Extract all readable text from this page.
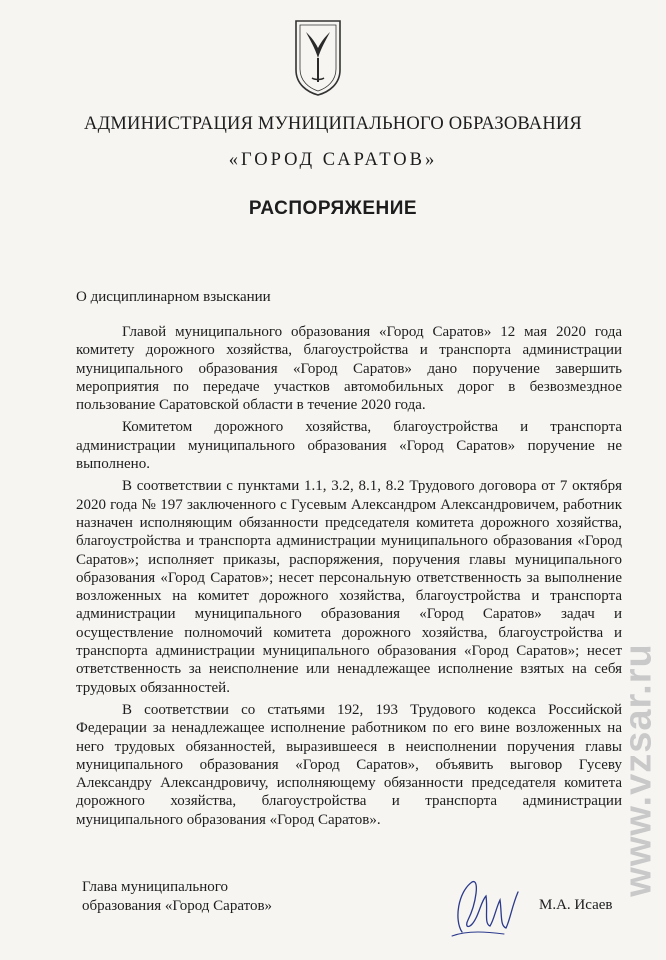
АДМИНИСТРАЦИЯ МУНИЦИПАЛЬНОГО ОБРАЗОВАНИЯ
«ГОРОД САРАТОВ»
РАСПОРЯЖЕНИЕ
О дисциплинарном взыскании

Главой муниципального образования «Город Саратов» 12 мая 2020 года комитету дорожного хозяйства, благоустройства и транспорта администрации муниципального образования «Город Саратов» дано поручение завершить мероприятия по передаче участков автомобильных дорог в безвозмездное пользование Саратовской области в течение 2020 года.

Комитетом дорожного хозяйства, благоустройства и транспорта администрации муниципального образования «Город Саратов» поручение не выполнено.

В соответствии с пунктами 1.1, 3.2, 8.1, 8.2 Трудового договора от 7 октября 2020 года № 197 заключенного с Гусевым Александром Александровичем, работник назначен исполняющим обязанности председателя комитета дорожного хозяйства, благоустройства и транспорта администрации муниципального образования «Город Саратов»; исполняет приказы, распоряжения, поручения главы муниципального образования «Город Саратов»; несет персональную ответственность за выполнение возложенных на комитет дорожного хозяйства, благоустройства и транспорта администрации муниципального образования «Город Саратов» задач и осуществление полномочий комитета дорожного хозяйства, благоустройства и транспорта администрации муниципального образования «Город Саратов»; несет ответственность за неисполнение или ненадлежащее исполнение взятых на себя трудовых обязанностей.

В соответствии со статьями 192, 193 Трудового кодекса Российской Федерации за ненадлежащее исполнение работником по его вине возложенных на него трудовых обязанностей, выразившееся в неисполнении поручения главы муниципального образования «Город Саратов», объявить выговор Гусеву Александру Александровичу, исполняющему обязанности председателя комитета дорожного хозяйства, благоустройства и транспорта администрации муниципального образования «Город Саратов».

Глава муниципального
образования «Город Саратов»	М.А. Исаев
www.vzsar.ru
